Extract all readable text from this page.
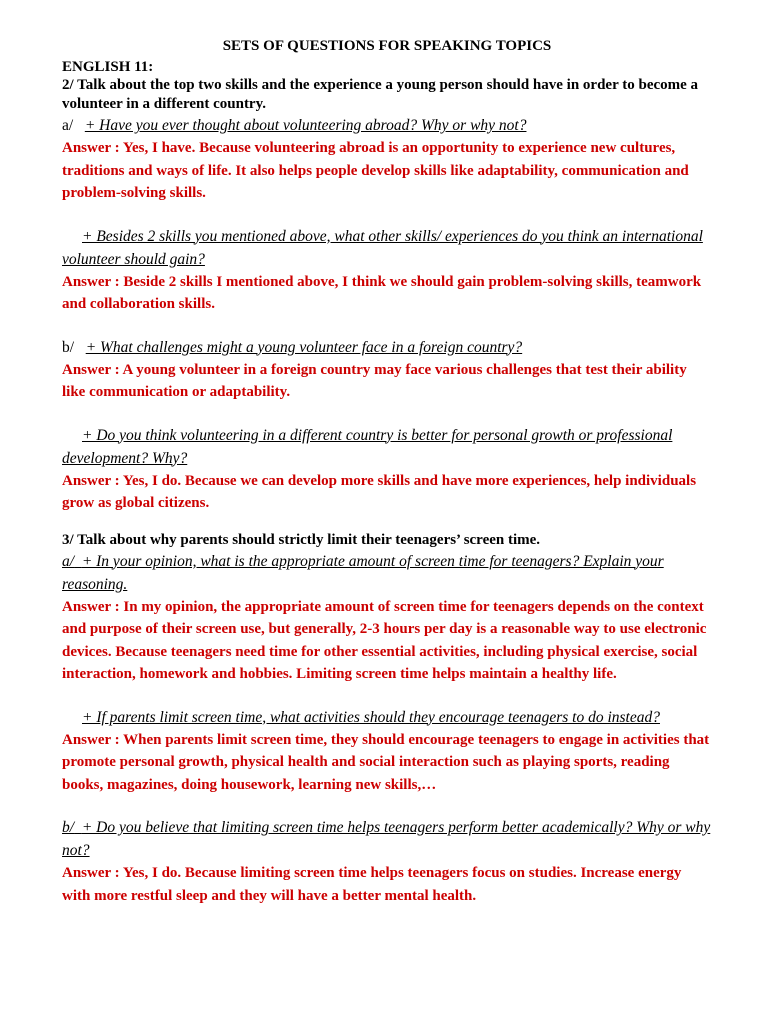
SETS OF QUESTIONS FOR SPEAKING TOPICS

ENGLISH 11:

2/ Talk about the top two skills and the experience a young person should have in order to become a volunteer in a different country.

a/ + Have you ever thought about volunteering abroad? Why or why not?

Answer : Yes, I have. Because volunteering abroad is an opportunity to experience new cultures, traditions and ways of life. It also helps people develop skills like adaptability, communication and problem-solving skills.

+ Besides 2 skills you mentioned above, what other skills/ experiences do you think an international volunteer should gain?

Answer : Beside 2 skills I mentioned above, I think we should gain problem-solving skills, teamwork and collaboration skills.

b/ + What challenges might a young volunteer face in a foreign country?

Answer : A young volunteer in a foreign country may face various challenges that test their ability like communication or adaptability.

+ Do you think volunteering in a different country is better for personal growth or professional development? Why?

Answer : Yes, I do. Because we can develop more skills and have more experiences, help individuals grow as global citizens.

3/ Talk about why parents should strictly limit their teenagers’ screen time.

a/ + In your opinion, what is the appropriate amount of screen time for teenagers? Explain your reasoning.

Answer : In my opinion, the appropriate amount of screen time for teenagers depends on the context and purpose of their screen use, but generally, 2-3 hours per day is a reasonable way to use electronic devices. Because teenagers need time for other essential activities, including physical exercise, social interaction, homework and hobbies. Limiting screen time helps maintain a healthy life.

+ If parents limit screen time, what activities should they encourage teenagers to do instead?

Answer : When parents limit screen time, they should encourage teenagers to engage in activities that promote personal growth, physical health and social interaction such as playing sports, reading books, magazines, doing housework, learning new skills,…

b/ + Do you believe that limiting screen time helps teenagers perform better academically? Why or why not?

Answer : Yes, I do. Because limiting screen time helps teenagers focus on studies. Increase energy with more restful sleep and they will have a better mental health.
